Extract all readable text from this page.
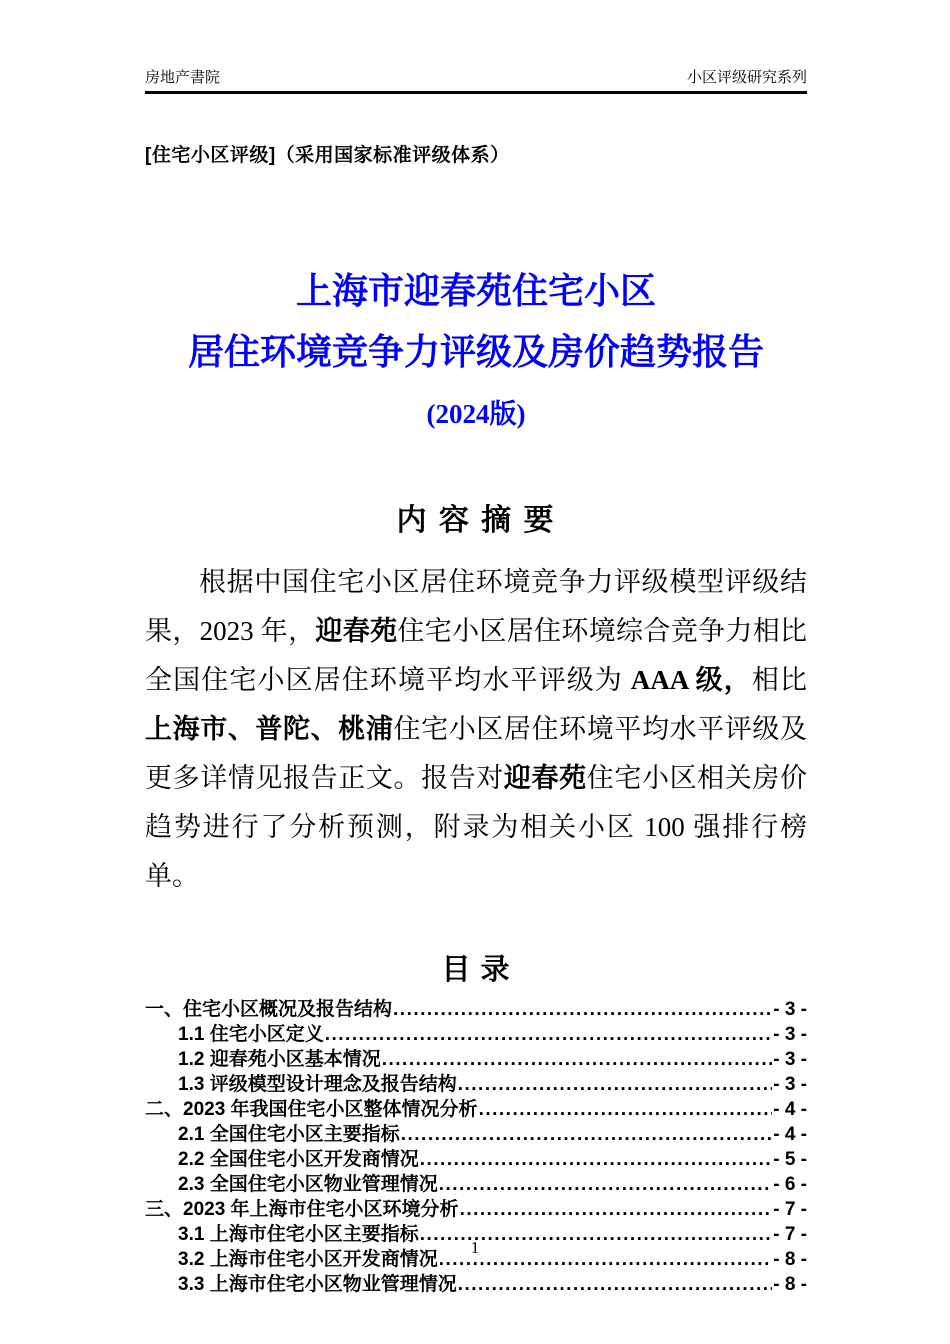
房地产書院	小区评级研究系列
[住宅小区评级]（采用国家标准评级体系）
上海市迎春苑住宅小区
居住环境竞争力评级及房价趋势报告
(2024版)
内 容 摘 要

根据中国住宅小区居住环境竞争力评级模型评级结果，2023 年，迎春苑住宅小区居住环境综合竞争力相比全国住宅小区居住环境平均水平评级为 AAA 级，相比上海市、普陀、桃浦住宅小区居住环境平均水平评级及更多详情见报告正文。报告对迎春苑住宅小区相关房价趋势进行了分析预测，附录为相关小区 100 强排行榜单。

目 录
一、住宅小区概况及报告结构 .....	- 3 -
1.1 住宅小区定义 .....	- 3 -
1.2 迎春苑小区基本情况 .....	- 3 -
1.3 评级模型设计理念及报告结构 .....	- 3 -
二、2023 年我国住宅小区整体情况分析 .....	- 4 -
2.1 全国住宅小区主要指标 .....	- 4 -
2.2 全国住宅小区开发商情况 .....	- 5 -
2.3 全国住宅小区物业管理情况 .....	- 6 -
三、2023 年上海市住宅小区环境分析 .....	- 7 -
3.1 上海市住宅小区主要指标 .....	- 7 -
3.2 上海市住宅小区开发商情况 .....	- 8 -
3.3 上海市住宅小区物业管理情况 .....	- 8 -
1
